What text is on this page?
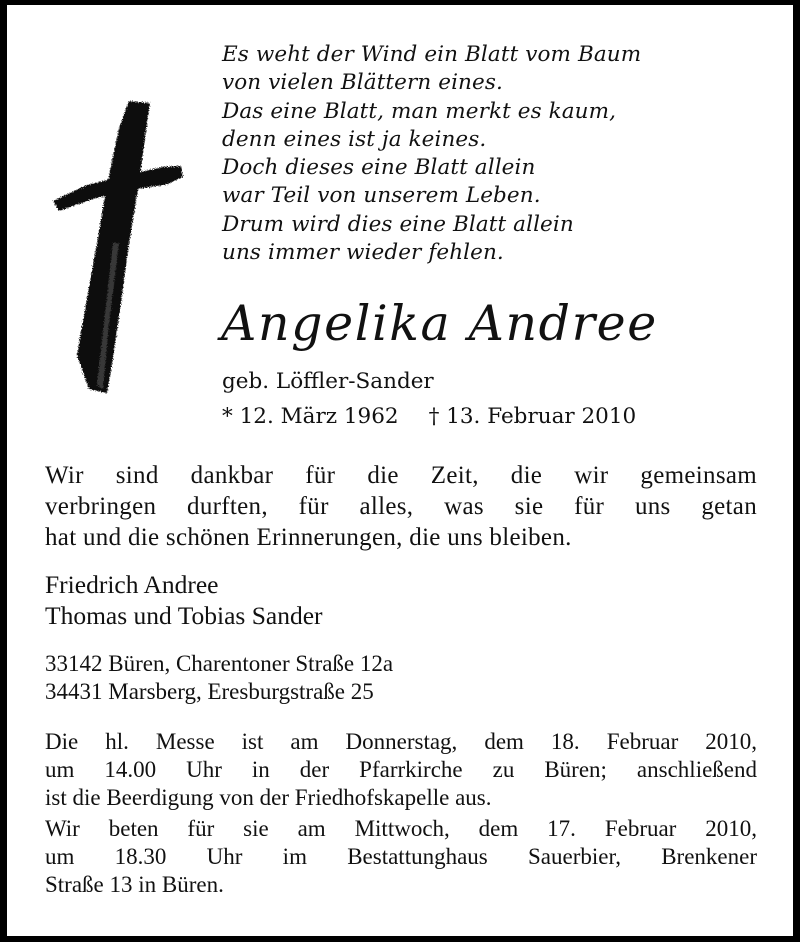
Es weht der Wind ein Blatt vom Baum
von vielen Blättern eines.
Das eine Blatt, man merkt es kaum,
denn eines ist ja keines.
Doch dieses eine Blatt allein
war Teil von unserem Leben.
Drum wird dies eine Blatt allein
uns immer wieder fehlen.
Angelika Andree
geb. Löffler-Sander
* 12. März 1962 † 13. Februar 2010
Wir sind dankbar für die Zeit, die wir gemeinsam
verbringen durften, für alles, was sie für uns getan
hat und die schönen Erinnerungen, die uns bleiben.
Friedrich Andree
Thomas und Tobias Sander
33142 Büren, Charentoner Straße 12a
34431 Marsberg, Eresburgstraße 25
Die hl. Messe ist am Donnerstag, dem 18. Februar 2010,
um 14.00 Uhr in der Pfarrkirche zu Büren; anschließend
ist die Beerdigung von der Friedhofskapelle aus.
Wir beten für sie am Mittwoch, dem 17. Februar 2010,
um 18.30 Uhr im Bestattunghaus Sauerbier, Brenkener
Straße 13 in Büren.
